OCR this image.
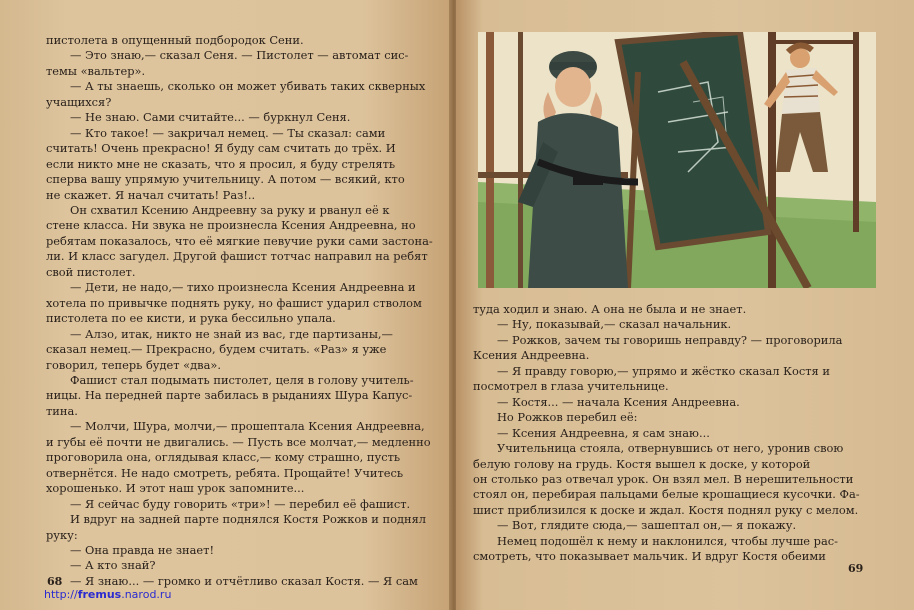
пистолета в опущенный подбородок Сени.

— Это знаю,— сказал Сеня. — Пистолет — автомат сис-

темы «вальтер».

— А ты знаешь, сколько он может убивать таких скверных

учащихся?

— Не знаю. Сами считайте... — буркнул Сеня.

— Кто такое! — закричал немец. — Ты сказал: сами

считать! Очень прекрасно! Я буду сам считать до трёх. И

если никто мне не сказать, что я просил, я буду стрелять

сперва вашу упрямую учительницу. А потом — всякий, кто

не скажет. Я начал считать! Раз!..

Он схватил Ксению Андреевну за руку и рванул её к

стене класса. Ни звука не произнесла Ксения Андреевна, но

ребятам показалось, что её мягкие певучие руки сами застона-

ли. И класс загудел. Другой фашист тотчас направил на ребят

свой пистолет.

— Дети, не надо,— тихо произнесла Ксения Андреевна и

хотела по привычке поднять руку, но фашист ударил стволом

пистолета по ее кисти, и рука бессильно упала.

— Алзо, итак, никто не знай из вас, где партизаны,—

сказал немец.— Прекрасно, будем считать. «Раз» я уже

говорил, теперь будет «два».

Фашист стал подымать пистолет, целя в голову учитель-

ницы. На передней парте забилась в рыданиях Шура Капус-

тина.

— Молчи, Шура, молчи,— прошептала Ксения Андреевна,

и губы её почти не двигались. — Пусть все молчат,— медленно

проговорила она, оглядывая класс,— кому страшно, пусть

отвернётся. Не надо смотреть, ребята. Прощайте! Учитесь

хорошенько. И этот наш урок запомните...

— Я сейчас буду говорить «три»! — перебил её фашист.

И вдруг на задней парте поднялся Костя Рожков и поднял

руку:

— Она правда не знает!

— А кто знай?

— Я знаю... — громко и отчётливо сказал Костя. — Я сам

68
http://fremus.narod.ru

туда ходил и знаю. А она не была и не знает.

— Ну, показывай,— сказал начальник.

— Рожков, зачем ты говоришь неправду? — проговорила

Ксения Андреевна.

— Я правду говорю,— упрямо и жёстко сказал Костя и

посмотрел в глаза учительнице.

— Костя... — начала Ксения Андреевна.

Но Рожков перебил её:

— Ксения Андреевна, я сам знаю...

Учительница стояла, отвернувшись от него, уронив свою

белую голову на грудь. Костя вышел к доске, у которой

он столько раз отвечал урок. Он взял мел. В нерешительности

стоял он, перебирая пальцами белые крошащиеся кусочки. Фа-

шист приблизился к доске и ждал. Костя поднял руку с мелом.

— Вот, глядите сюда,— зашептал он,— я покажу.

Немец подошёл к нему и наклонился, чтобы лучше рас-

смотреть, что показывает мальчик. И вдруг Костя обеими

69
